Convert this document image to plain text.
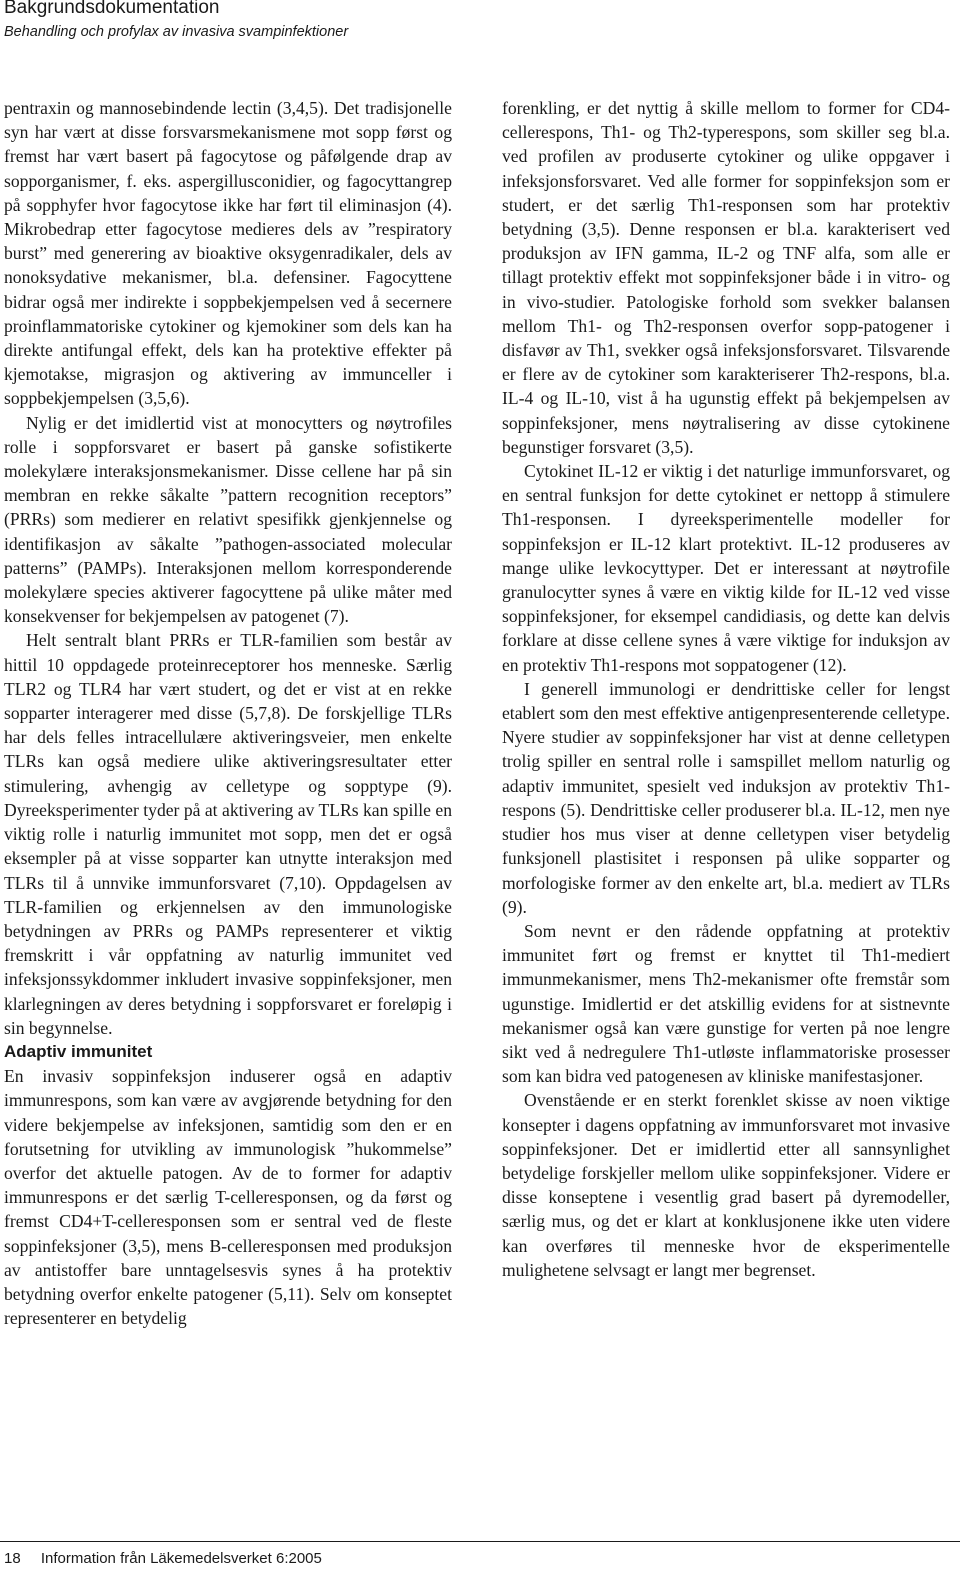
Bakgrundsdokumentation
Behandling och profylax av invasiva svampinfektioner

pentraxin og mannosebindende lectin (3,4,5). Det tradisjonelle syn har vært at disse forsvarsmekanismene mot sopp først og fremst har vært basert på fagocytose og påfølgende drap av sopporganismer, f. eks. aspergillusconidier, og fagocyttangrep på sopphyfer hvor fagocytose ikke har ført til eliminasjon (4). Mikrobedrap etter fagocytose medieres dels av ”respiratory burst” med generering av bioaktive oksygenradikaler, dels av nonoksydative mekanismer, bl.a. defensiner. Fagocyttene bidrar også mer indirekte i soppbekjempelsen ved å secernere proinflammatoriske cytokiner og kjemokiner som dels kan ha direkte antifungal effekt, dels kan ha protektive effekter på kjemotakse, migrasjon og aktivering av immunceller i soppbekjempelsen (3,5,6).

Nylig er det imidlertid vist at monocytters og nøytrofiles rolle i soppforsvaret er basert på ganske sofistikerte molekylære interaksjonsmekanismer. Disse cellene har på sin membran en rekke såkalte ”pattern recognition receptors” (PRRs) som medierer en relativt spesifikk gjenkjennelse og identifikasjon av såkalte ”pathogen-associated molecular patterns” (PAMPs). Interaksjonen mellom korresponderende molekylære species aktiverer fagocyttene på ulike måter med konsekvenser for bekjempelsen av patogenet (7).

Helt sentralt blant PRRs er TLR-familien som består av hittil 10 oppdagede proteinreceptorer hos menneske. Særlig TLR2 og TLR4 har vært studert, og det er vist at en rekke sopparter interagerer med disse (5,7,8). De forskjellige TLRs har dels felles intracellulære aktiveringsveier, men enkelte TLRs kan også mediere ulike aktiveringsresultater etter stimulering, avhengig av celletype og sopptype (9). Dyreeksperimenter tyder på at aktivering av TLRs kan spille en viktig rolle i naturlig immunitet mot sopp, men det er også eksempler på at visse sopparter kan utnytte interaksjon med TLRs til å unnvike immunforsvaret (7,10). Oppdagelsen av TLR-familien og erkjennelsen av den immunologiske betydningen av PRRs og PAMPs representerer et viktig fremskritt i vår oppfatning av naturlig immunitet ved infeksjonssykdommer inkludert invasive soppinfeksjoner, men klarlegningen av deres betydning i soppforsvaret er foreløpig i sin begynnelse.

Adaptiv immunitet

En invasiv soppinfeksjon induserer også en adaptiv immunrespons, som kan være av avgjørende betydning for den videre bekjempelse av infeksjonen, samtidig som den er en forutsetning for utvikling av immunologisk ”hukommelse” overfor det aktuelle patogen. Av de to former for adaptiv immunrespons er det særlig T-celleresponsen, og da først og fremst CD4+T-celleresponsen som er sentral ved de fleste soppinfeksjoner (3,5), mens B-celleresponsen med produksjon av antistoffer bare unntagelsesvis synes å ha protektiv betydning overfor enkelte patogener (5,11). Selv om konseptet representerer en betydelig

forenkling, er det nyttig å skille mellom to former for CD4-cellerespons, Th1- og Th2-typerespons, som skiller seg bl.a. ved profilen av produserte cytokiner og ulike oppgaver i infeksjonsforsvaret. Ved alle former for soppinfeksjon som er studert, er det særlig Th1-responsen som har protektiv betydning (3,5). Denne responsen er bl.a. karakterisert ved produksjon av IFN gamma, IL-2 og TNF alfa, som alle er tillagt protektiv effekt mot soppinfeksjoner både i in vitro- og in vivo-studier. Patologiske forhold som svekker balansen mellom Th1- og Th2-responsen overfor sopp-patogener i disfavør av Th1, svekker også infeksjonsforsvaret. Tilsvarende er flere av de cytokiner som karakteriserer Th2-respons, bl.a. IL-4 og IL-10, vist å ha ugunstig effekt på bekjempelsen av soppinfeksjoner, mens nøytralisering av disse cytokinene begunstiger forsvaret (3,5).

Cytokinet IL-12 er viktig i det naturlige immunforsvaret, og en sentral funksjon for dette cytokinet er nettopp å stimulere Th1-responsen. I dyreeksperimentelle modeller for soppinfeksjon er IL-12 klart protektivt. IL-12 produseres av mange ulike levkocyttyper. Det er interessant at nøytrofile granulocytter synes å være en viktig kilde for IL-12 ved visse soppinfeksjoner, for eksempel candidiasis, og dette kan delvis forklare at disse cellene synes å være viktige for induksjon av en protektiv Th1-respons mot soppatogener (12).

I generell immunologi er dendrittiske celler for lengst etablert som den mest effektive antigenpresenterende celletype. Nyere studier av soppinfeksjoner har vist at denne celletypen trolig spiller en sentral rolle i samspillet mellom naturlig og adaptiv immunitet, spesielt ved induksjon av protektiv Th1-respons (5). Dendrittiske celler produserer bl.a. IL-12, men nye studier hos mus viser at denne celletypen viser betydelig funksjonell plastisitet i responsen på ulike sopparter og morfologiske former av den enkelte art, bl.a. mediert av TLRs (9).

Som nevnt er den rådende oppfatning at protektiv immunitet ført og fremst er knyttet til Th1-mediert immunmekanismer, mens Th2-mekanismer ofte fremstår som ugunstige. Imidlertid er det atskillig evidens for at sistnevnte mekanismer også kan være gunstige for verten på noe lengre sikt ved å nedregulere Th1-utløste inflammatoriske prosesser som kan bidra ved patogenesen av kliniske manifestasjoner.

Ovenstående er en sterkt forenklet skisse av noen viktige konsepter i dagens oppfatning av immunforsvaret mot invasive soppinfeksjoner. Det er imidlertid etter all sannsynlighet betydelige forskjeller mellom ulike soppinfeksjoner. Videre er disse konseptene i vesentlig grad basert på dyremodeller, særlig mus, og det er klart at konklusjonene ikke uten videre kan overføres til menneske hvor de eksperimentelle mulighetene selvsagt er langt mer begrenset.

18 Information från Läkemedelsverket 6:2005
